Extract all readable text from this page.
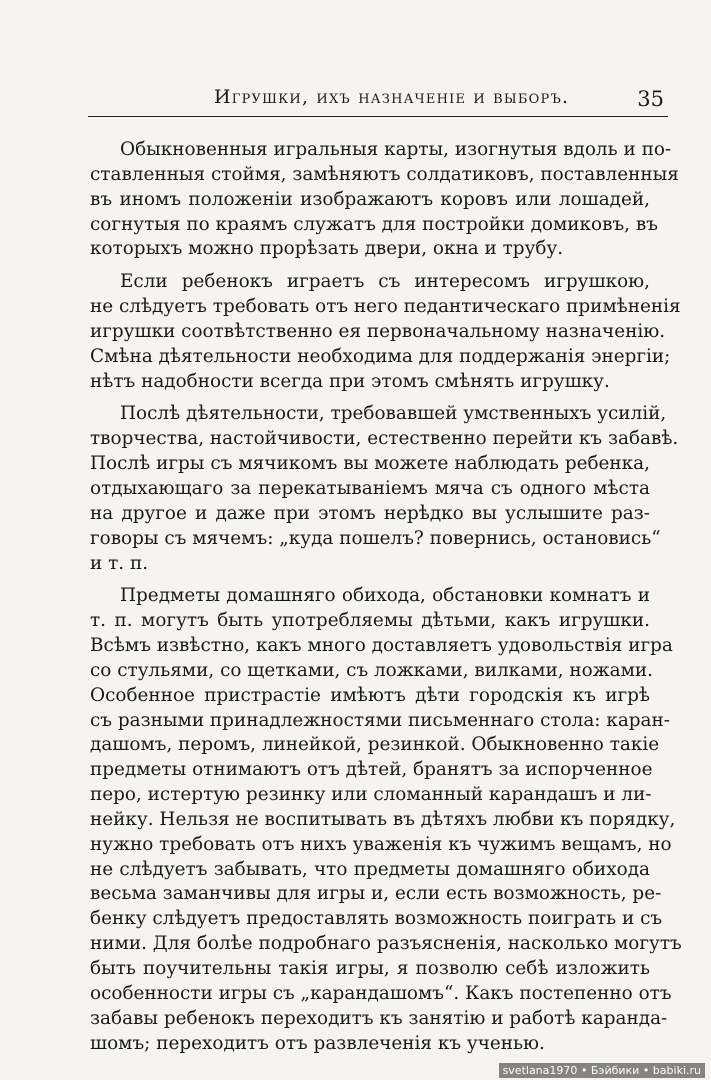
Игрушки, ихъ назначеніе и выборъ.	35
Обыкновенныя игральныя карты, изогнутыя вдоль и по-
ставленныя стоймя, замѣняютъ солдатиковъ, поставленныя
въ иномъ положеніи изображаютъ коровъ или лошадей,
согнутыя по краямъ служатъ для постройки домиковъ, въ
которыхъ можно прорѣзать двери, окна и трубу.
Если ребенокъ играетъ съ интересомъ игрушкою,
не слѣдуетъ требовать отъ него педантическаго примѣненія
игрушки соотвѣтственно ея первоначальному назначенію.
Смѣна дѣятельности необходима для поддержанія энергіи;
нѣтъ надобности всегда при этомъ смѣнять игрушку.
Послѣ дѣятельности, требовавшей умственныхъ усилій,
творчества, настойчивости, естественно перейти къ забавѣ.
Послѣ игры съ мячикомъ вы можете наблюдать ребенка,
отдыхающаго за перекатываніемъ мяча съ одного мѣста
на другое и даже при этомъ нерѣдко вы услышите раз-
говоры съ мячемъ: „куда пошелъ? повернись, остановись“
и т. п.
Предметы домашняго обихода, обстановки комнатъ и
т. п. могутъ быть употребляемы дѣтьми, какъ игрушки.
Всѣмъ извѣстно, какъ много доставляетъ удовольствія игра
со стульями, со щетками, съ ложками, вилками, ножами.
Особенное пристрастіе имѣютъ дѣти городскія къ игрѣ
съ разными принадлежностями письменнаго стола: каран-
дашомъ, перомъ, линейкой, резинкой. Обыкновенно такіе
предметы отнимаютъ отъ дѣтей, бранятъ за испорченное
перо, истертую резинку или сломанный карандашъ и ли-
нейку. Нельзя не воспитывать въ дѣтяхъ любви къ порядку,
нужно требовать отъ нихъ уваженія къ чужимъ вещамъ, но
не слѣдуетъ забывать, что предметы домашняго обихода
весьма заманчивы для игры и, если есть возможность, ре-
бенку слѣдуетъ предоставлять возможность поиграть и съ
ними. Для болѣе подробнаго разъясненія, насколько могутъ
быть поучительны такія игры, я позволю себѣ изложить
особенности игры съ „карандашомъ“. Какъ постепенно отъ
забавы ребенокъ переходитъ къ занятію и работѣ каранда-
шомъ; переходитъ отъ развлеченія къ ученью.
svetlana1970 • Бэйбики • babiki.ru
